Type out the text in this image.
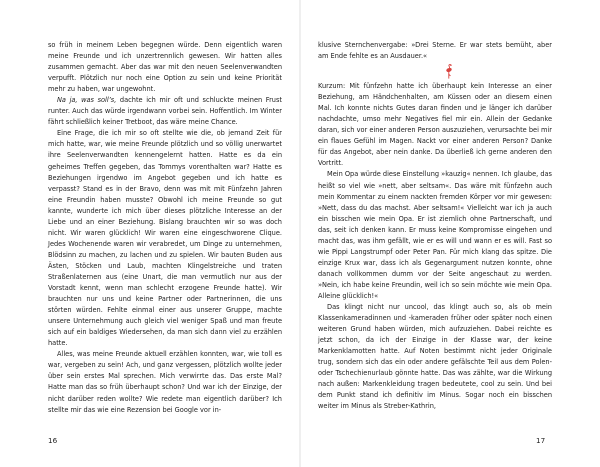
so früh in meinem Leben begegnen würde. Denn eigentlich waren meine Freunde und ich unzertrennlich gewesen. Wir hatten alles zusammen gemacht. Aber das war mit den neuen Seelenverwandten verpufft. Plötzlich nur noch eine Option zu sein und keine Priorität mehr zu haben, war ungewohnt.

Na ja, was soll’s, dachte ich mir oft und schluckte meinen Frust runter. Auch das würde irgendwann vorbei sein. Hoffentlich. Im Winter fährt schließlich keiner Tretboot, das wäre meine Chance.

Eine Frage, die ich mir so oft stellte wie die, ob jemand Zeit für mich hatte, war, wie meine Freunde plötzlich und so völlig unerwartet ihre Seelenverwandten kennengelernt hatten. Hatte es da ein geheimes Treffen gegeben, das Tommys vorenthalten war? Hatte es Beziehungen irgendwo im Angebot gegeben und ich hatte es verpasst? Stand es in der Bravo, denn was mit mit Fünfzehn Jahren eine Freundin haben musste? Obwohl ich meine Freunde so gut kannte, wunderte ich mich über dieses plötzliche Interesse an der Liebe und an einer Beziehung. Bislang brauchten wir so was doch nicht. Wir waren glücklich! Wir waren eine eingeschworene Clique. Jedes Wochenende waren wir verabredet, um Dinge zu unternehmen, Blödsinn zu machen, zu lachen und zu spielen. Wir bauten Buden aus Ästen, Stöcken und Laub, machten Klingelstreiche und traten Straßenlaternen aus (eine Unart, die man vermutlich nur aus der Vorstadt kennt, wenn man schlecht erzogene Freunde hatte). Wir brauchten nur uns und keine Partner oder Partnerinnen, die uns störten würden. Fehlte einmal einer aus unserer Gruppe, machte unsere Unternehmung auch gleich viel weniger Spaß und man freute sich auf ein baldiges Wiedersehen, da man sich dann viel zu erzählen hatte.

Alles, was meine Freunde aktuell erzählen konnten, war, wie toll es war, vergeben zu sein! Ach, und ganz vergessen, plötzlich wollte jeder über sein erstes Mal sprechen. Mich verwirrte das. Das erste Mal? Hatte man das so früh überhaupt schon? Und war ich der Einzige, der nicht darüber reden wollte? Wie redete man eigentlich darüber? Ich stellte mir das wie eine Rezension bei Google vor in-

klusive Sternchenvergabe: »Drei Sterne. Er war stets bemüht, aber am Ende fehlte es an Ausdauer.«

Kurzum: Mit fünfzehn hatte ich überhaupt kein Interesse an einer Beziehung, am Händchenhalten, am Küssen oder an diesem einen Mal. Ich konnte nichts Gutes daran finden und je länger ich darüber nachdachte, umso mehr Negatives fiel mir ein. Allein der Gedanke daran, sich vor einer anderen Person auszuziehen, verursachte bei mir ein flaues Gefühl im Magen. Nackt vor einer anderen Person? Danke für das Angebot, aber nein danke. Da überließ ich gerne anderen den Vortritt.

Mein Opa würde diese Einstellung »kauzig« nennen. Ich glaube, das heißt so viel wie »nett, aber seltsam«. Das wäre mit fünfzehn auch mein Kommentar zu einem nackten fremden Körper vor mir gewesen: »Nett, dass du das machst. Aber seltsam!« Vielleicht war ich ja auch ein bisschen wie mein Opa. Er ist ziemlich ohne Partnerschaft, und das, seit ich denken kann. Er muss keine Kompromisse eingehen und macht das, was ihm gefällt, wie er es will und wann er es will. Fast so wie Pippi Langstrumpf oder Peter Pan. Für mich klang das spitze. Die einzige Krux war, dass ich als Gegenargument nutzen konnte, ohne danach vollkommen dumm vor der Seite angeschaut zu werden. »Nein, ich habe keine Freundin, weil ich so sein möchte wie mein Opa. Alleine glücklich!«

Das klingt nicht nur uncool, das klingt auch so, als ob mein Klassenkameradinnen und -kameraden früher oder später noch einen weiteren Grund haben würden, mich aufzuziehen. Dabei reichte es jetzt schon, da ich der Einzige in der Klasse war, der keine Markenklamotten hatte. Auf Noten bestimmt nicht jeder Originale trug, sondern sich das ein oder andere gefälschte Teil aus dem Polen- oder Tschechienurlaub gönnte hatte. Das was zählte, war die Wirkung nach außen: Markenkleidung tragen bedeutete, cool zu sein. Und bei dem Punkt stand ich definitiv im Minus. Sogar noch ein bisschen weiter im Minus als Streber-Kathrin,

16	17
